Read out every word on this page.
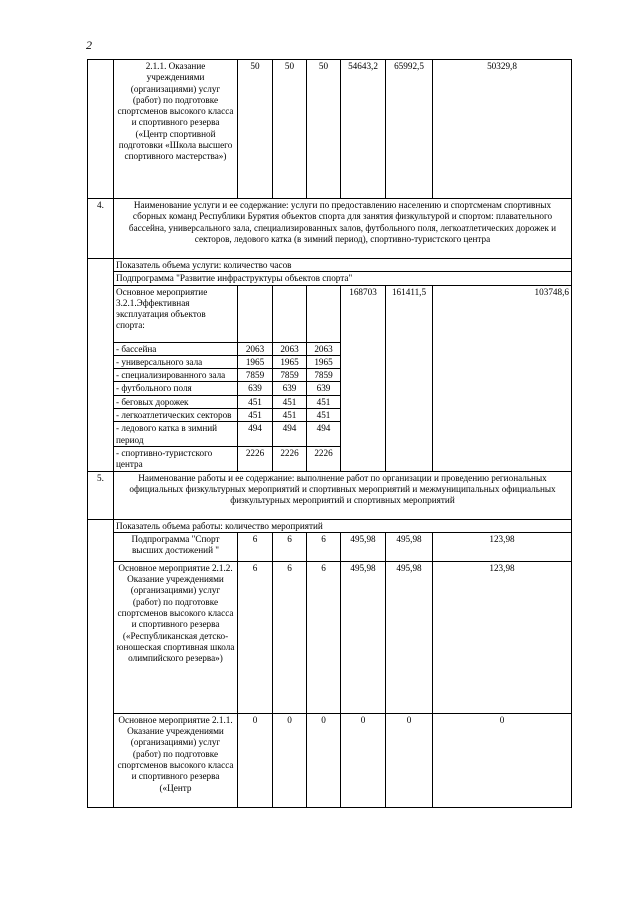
2
	2.1.1. Оказание учреждениями (организациями) услуг (работ) по подготовке спортсменов высокого класса и спортивного резерва («Центр спортивной подготовки «Школа высшего спортивного мастерства»)	50	50	50	54643,2	65992,5	50329,8
4.	Наименование услуги и ее содержание: услуги по предоставлению населению и спортсменам спортивных сборных команд Республики Бурятия объектов спорта для занятия физкультурой и спортом: плавательного бассейна, универсального зала, специализированных залов, футбольного поля, легкоатлетических дорожек и секторов, ледового катка (в зимний период), спортивно-туристского центра						
	Показатель объема услуги: количество часов						
	Подпрограмма "Развитие инфраструктуры объектов спорта"						
	Основное мероприятие 3.2.1.Эффективная эксплуатация объектов спорта:				168703	161411,5	103748,6
	- бассейна	2063	2063	2063			
	- универсального зала	1965	1965	1965			
	- специализированного зала	7859	7859	7859			
	- футбольного поля	639	639	639			
	- беговых дорожек	451	451	451			
	- легкоатлетических секторов	451	451	451			
	- ледового катка в зимний период	494	494	494			
	- спортивно-туристского центра	2226	2226	2226			
5.	Наименование работы и ее содержание: выполнение работ по организации и проведению региональных официальных физкультурных мероприятий и спортивных мероприятий и межмуниципальных официальных физкультурных мероприятий и спортивных мероприятий						
	Показатель объема работы: количество мероприятий						
	Подпрограмма "Спорт высших достижений "	6	6	6	495,98	495,98	123,98
	Основное мероприятие 2.1.2. Оказание учреждениями (организациями) услуг (работ) по подготовке спортсменов высокого класса и спортивного резерва («Республиканская детско-юношеская спортивная школа олимпийского резерва»)	6	6	6	495,98	495,98	123,98
	Основное мероприятие 2.1.1. Оказание учреждениями (организациями) услуг (работ) по подготовке спортсменов высокого класса и спортивного резерва («Центр	0	0	0	0	0	0
